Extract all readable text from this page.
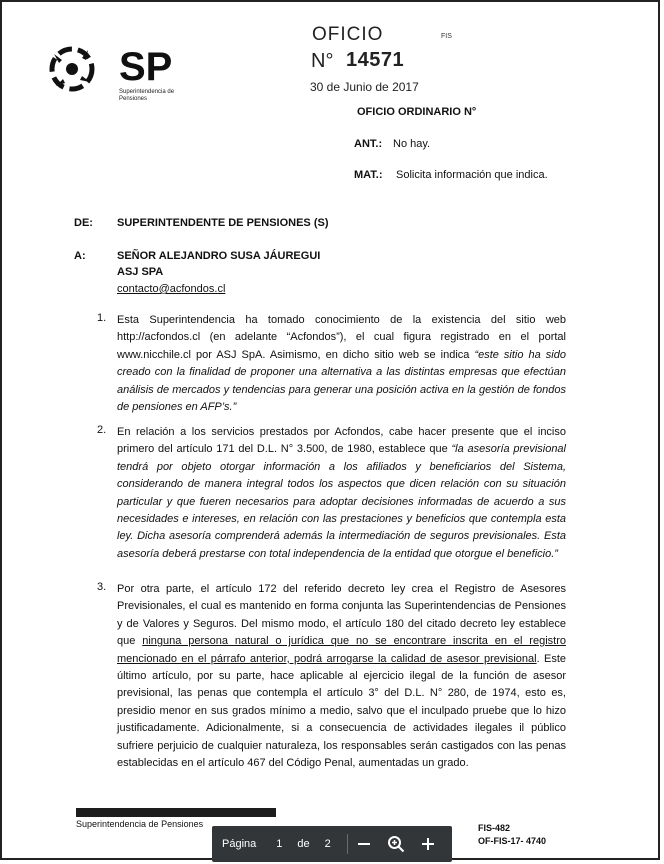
SP
Superintendencia de
Pensiones
OFICIO	FIS
N° 14571
30 de Junio de 2017
OFICIO ORDINARIO N°
ANT.: No hay.
MAT.: Solicita información que indica.
DE: SUPERINTENDENTE DE PENSIONES (S)
A:	SEÑOR ALEJANDRO SUSA JÁUREGUI
ASJ SPA
contacto@acfondos.cl
1. Esta Superintendencia ha tomado conocimiento de la existencia del sitio web http://acfondos.cl (en adelante “Acfondos”), el cual figura registrado en el portal www.nicchile.cl por ASJ SpA. Asimismo, en dicho sitio web se indica “este sitio ha sido creado con la finalidad de proponer una alternativa a las distintas empresas que efectúan análisis de mercados y tendencias para generar una posición activa en la gestión de fondos de pensiones en AFP’s.”

2. En relación a los servicios prestados por Acfondos, cabe hacer presente que el inciso primero del artículo 171 del D.L. N° 3.500, de 1980, establece que “la asesoría previsional tendrá por objeto otorgar información a los afiliados y beneficiarios del Sistema, considerando de manera integral todos los aspectos que dicen relación con su situación particular y que fueren necesarios para adoptar decisiones informadas de acuerdo a sus necesidades e intereses, en relación con las prestaciones y beneficios que contempla esta ley. Dicha asesoría comprenderá además la intermediación de seguros previsionales. Esta asesoría deberá prestarse con total independencia de la entidad que otorgue el beneficio.”

3. Por otra parte, el artículo 172 del referido decreto ley crea el Registro de Asesores Previsionales, el cual es mantenido en forma conjunta las Superintendencias de Pensiones y de Valores y Seguros. Del mismo modo, el artículo 180 del citado decreto ley establece que ninguna persona natural o jurídica que no se encontrare inscrita en el registro mencionado en el párrafo anterior, podrá arrogarse la calidad de asesor previsional. Este último artículo, por su parte, hace aplicable al ejercicio ilegal de la función de asesor previsional, las penas que contempla el artículo 3° del D.L. N° 280, de 1974, esto es, presidio menor en sus grados mínimo a medio, salvo que el inculpado pruebe que lo hizo justificadamente. Adicionalmente, si a consecuencia de actividades ilegales il público sufriere perjuicio de cualquier naturaleza, los responsables serán castigados con las penas establecidas en el artículo 467 del Código Penal, aumentadas un grado.

Superintendencia de Pensiones	FIS-482
OF-FIS-17- 4740
Página 1 de 2
